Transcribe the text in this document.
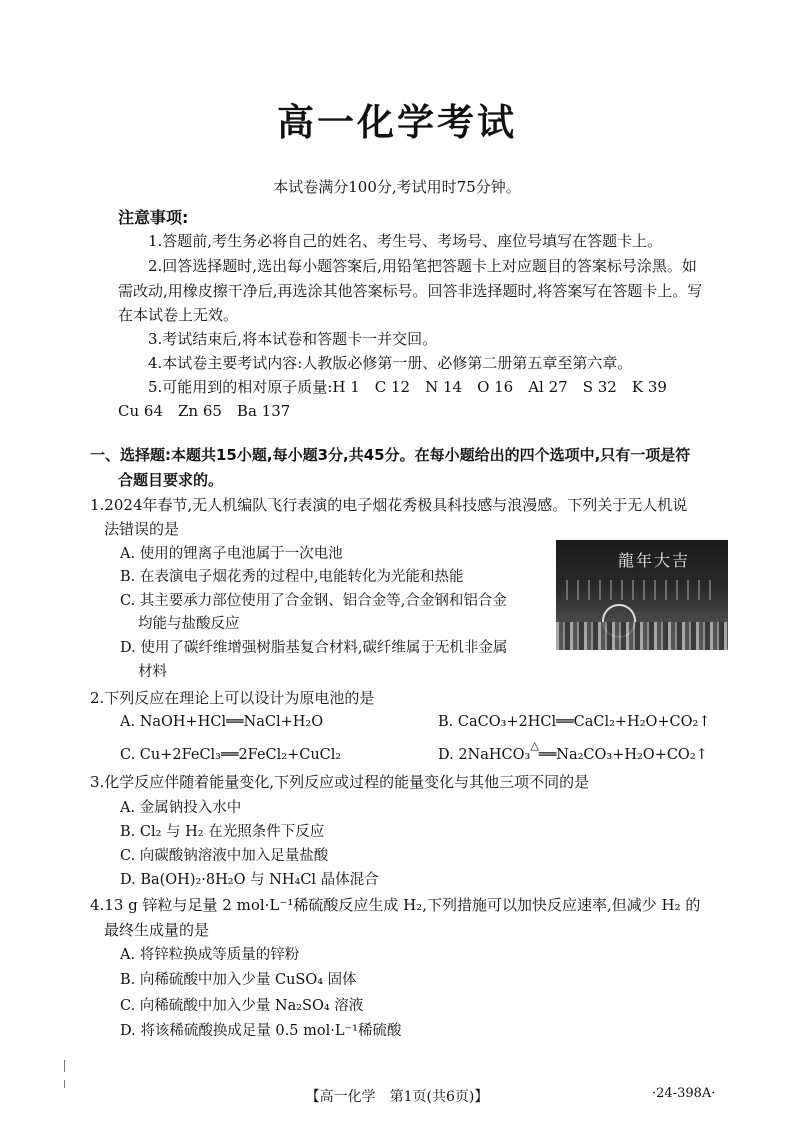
高一化学考试
本试卷满分100分,考试用时75分钟。
注意事项:
1.答题前,考生务必将自己的姓名、考生号、考场号、座位号填写在答题卡上。
2.回答选择题时,选出每小题答案后,用铅笔把答题卡上对应题目的答案标号涂黑。如需改动,用橡皮擦干净后,再选涂其他答案标号。回答非选择题时,将答案写在答题卡上。写在本试卷上无效。
3.考试结束后,将本试卷和答题卡一并交回。
4.本试卷主要考试内容:人教版必修第一册、必修第二册第五章至第六章。
5.可能用到的相对原子质量:H 1　C 12　N 14　O 16　Al 27　S 32　K 39
Cu 64　Zn 65　Ba 137
一、选择题:本题共15小题,每小题3分,共45分。在每小题给出的四个选项中,只有一项是符
合题目要求的。
1.2024年春节,无人机编队飞行表演的电子烟花秀极具科技感与浪漫感。下列关于无人机说
法错误的是
A. 使用的锂离子电池属于一次电池
B. 在表演电子烟花秀的过程中,电能转化为光能和热能
C. 其主要承力部位使用了合金钢、铝合金等,合金钢和铝合金
均能与盐酸反应
D. 使用了碳纤维增强树脂基复合材料,碳纤维属于无机非金属
材料
龍年大吉
2.下列反应在理论上可以设计为原电池的是
A. NaOH+HCl══NaCl+H₂O	B. CaCO₃+2HCl══CaCl₂+H₂O+CO₂↑
C. Cu+2FeCl₃══2FeCl₂+CuCl₂	D. 2NaHCO₃△══Na₂CO₃+H₂O+CO₂↑
3.化学反应伴随着能量变化,下列反应或过程的能量变化与其他三项不同的是
A. 金属钠投入水中
B. Cl₂ 与 H₂ 在光照条件下反应
C. 向碳酸钠溶液中加入足量盐酸
D. Ba(OH)₂·8H₂O 与 NH₄Cl 晶体混合
4.13 g 锌粒与足量 2 mol·L⁻¹稀硫酸反应生成 H₂,下列措施可以加快反应速率,但减少 H₂ 的
最终生成量的是
A. 将锌粒换成等质量的锌粉
B. 向稀硫酸中加入少量 CuSO₄ 固体
C. 向稀硫酸中加入少量 Na₂SO₄ 溶液
D. 将该稀硫酸换成足量 0.5 mol·L⁻¹稀硫酸
【高一化学　第1页(共6页)】	·24-398A·
